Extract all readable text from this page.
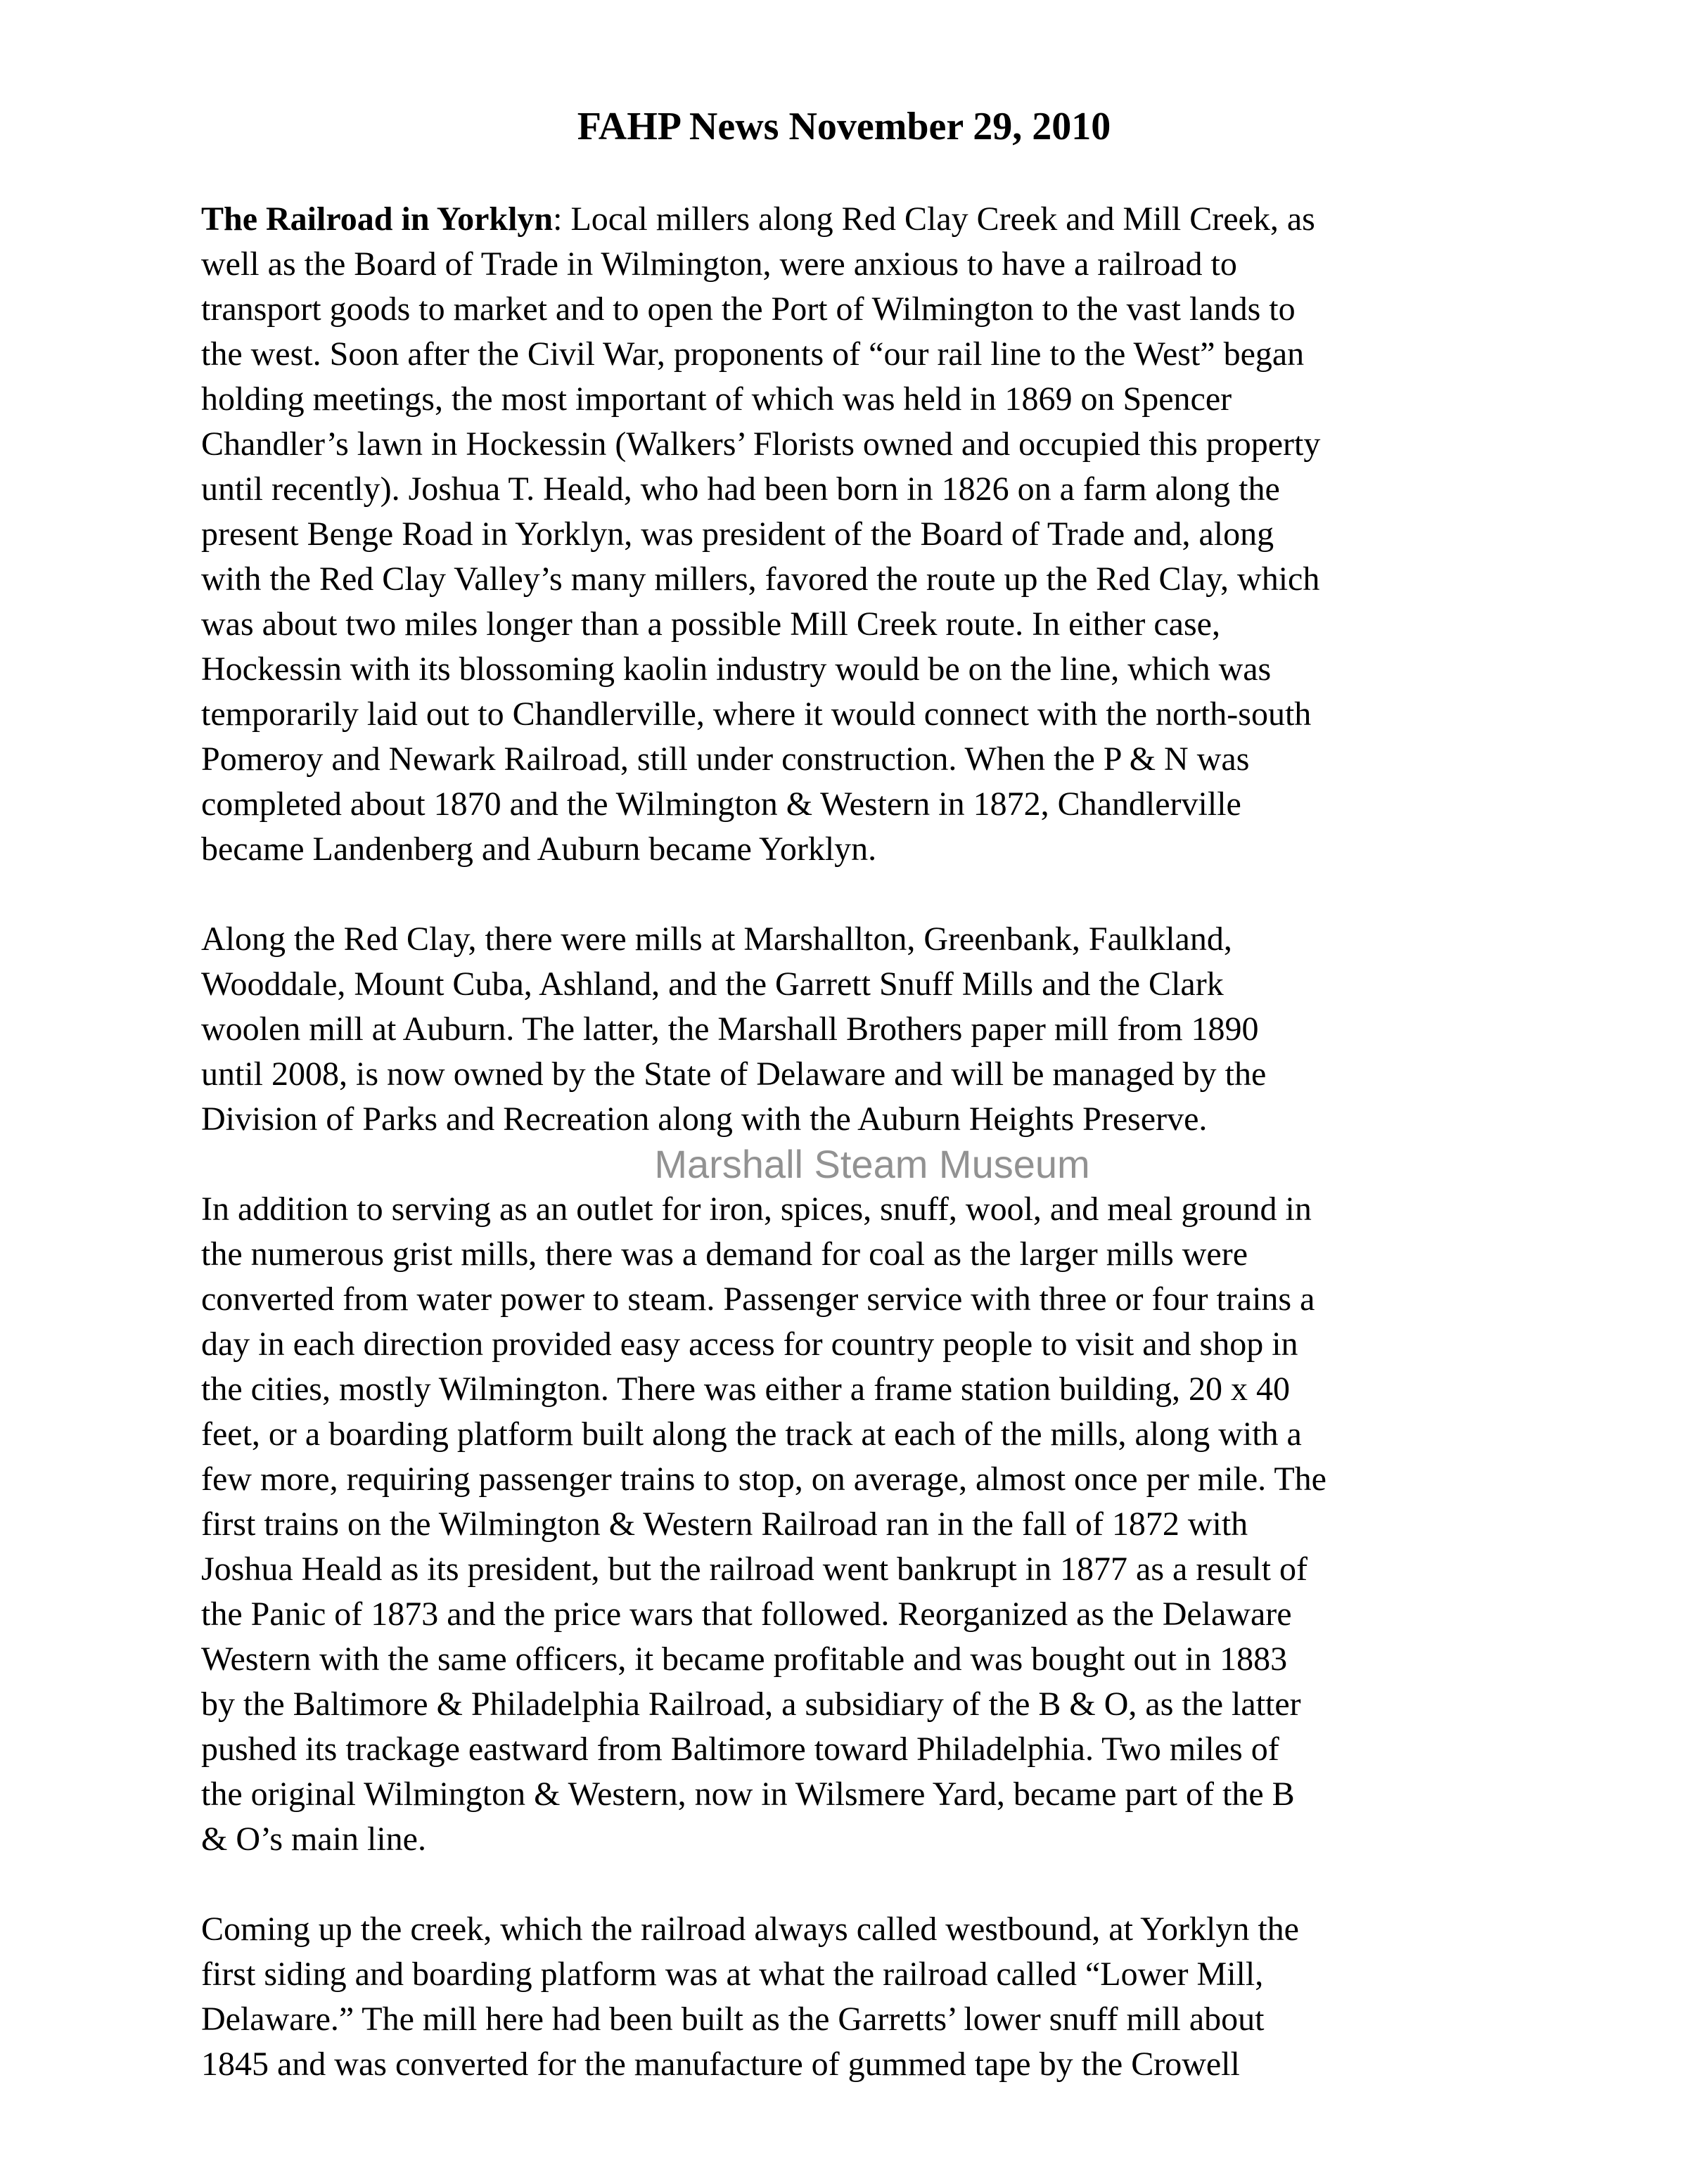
FAHP News November 29, 2010
The Railroad in Yorklyn: Local millers along Red Clay Creek and Mill Creek, as
well as the Board of Trade in Wilmington, were anxious to have a railroad to
transport goods to market and to open the Port of Wilmington to the vast lands to
the west. Soon after the Civil War, proponents of “our rail line to the West” began
holding meetings, the most important of which was held in 1869 on Spencer
Chandler’s lawn in Hockessin (Walkers’ Florists owned and occupied this property
until recently). Joshua T. Heald, who had been born in 1826 on a farm along the
present Benge Road in Yorklyn, was president of the Board of Trade and, along
with the Red Clay Valley’s many millers, favored the route up the Red Clay, which
was about two miles longer than a possible Mill Creek route. In either case,
Hockessin with its blossoming kaolin industry would be on the line, which was
temporarily laid out to Chandlerville, where it would connect with the north-south
Pomeroy and Newark Railroad, still under construction. When the P & N was
completed about 1870 and the Wilmington & Western in 1872, Chandlerville
became Landenberg and Auburn became Yorklyn.
Along the Red Clay, there were mills at Marshallton, Greenbank, Faulkland,
Wooddale, Mount Cuba, Ashland, and the Garrett Snuff Mills and the Clark
woolen mill at Auburn. The latter, the Marshall Brothers paper mill from 1890
until 2008, is now owned by the State of Delaware and will be managed by the
Division of Parks and Recreation along with the Auburn Heights Preserve.
In addition to serving as an outlet for iron, spices, snuff, wool, and meal ground in
the numerous grist mills, there was a demand for coal as the larger mills were
converted from water power to steam. Passenger service with three or four trains a
day in each direction provided easy access for country people to visit and shop in
the cities, mostly Wilmington. There was either a frame station building, 20 x 40
feet, or a boarding platform built along the track at each of the mills, along with a
few more, requiring passenger trains to stop, on average, almost once per mile. The
first trains on the Wilmington & Western Railroad ran in the fall of 1872 with
Joshua Heald as its president, but the railroad went bankrupt in 1877 as a result of
the Panic of 1873 and the price wars that followed. Reorganized as the Delaware
Western with the same officers, it became profitable and was bought out in 1883
by the Baltimore & Philadelphia Railroad, a subsidiary of the B & O, as the latter
pushed its trackage eastward from Baltimore toward Philadelphia. Two miles of
the original Wilmington & Western, now in Wilsmere Yard, became part of the B
& O’s main line.
Coming up the creek, which the railroad always called westbound, at Yorklyn the
first siding and boarding platform was at what the railroad called “Lower Mill,
Delaware.” The mill here had been built as the Garretts’ lower snuff mill about
1845 and was converted for the manufacture of gummed tape by the Crowell
Marshall Steam Museum
